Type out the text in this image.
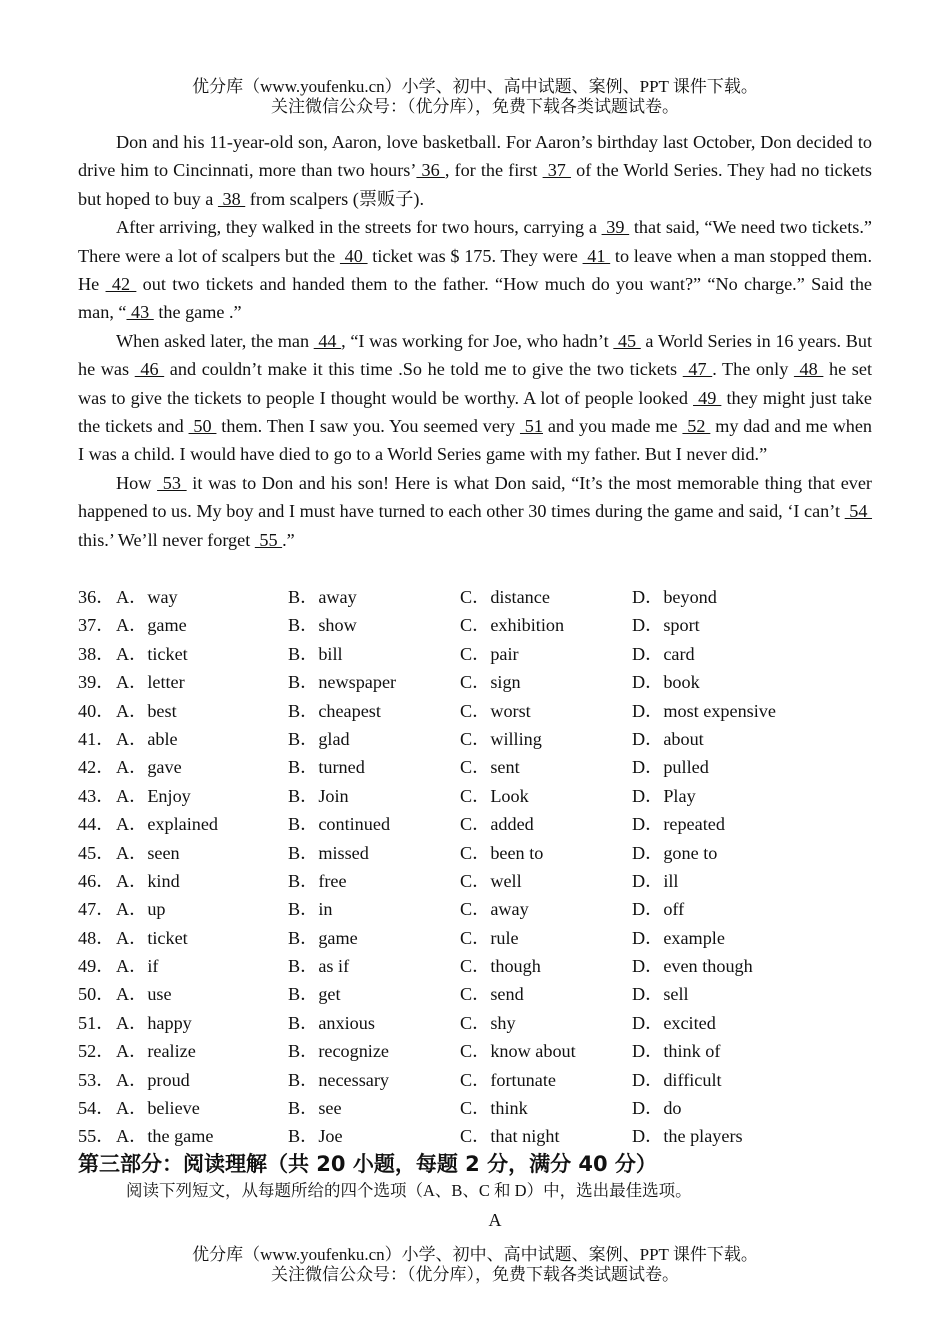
优分库（www.youfenku.cn）小学、初中、高中试题、案例、PPT 课件下载。
关注微信公众号：（优分库），免费下载各类试题试卷。

Don and his 11-year-old son, Aaron, love basketball. For Aaron’s birthday last October, Don decided to drive him to Cincinnati, more than two hours’ 36 , for the first  37  of the World Series. They had no tickets but hoped to buy a  38  from scalpers (票贩子).

After arriving, they walked in the streets for two hours, carrying a  39  that said, “We need two tickets.” There were a lot of scalpers but the  40  ticket was $ 175. They were  41  to leave when a man stopped them. He  42  out two tickets and handed them to the father. “How much do you want?” “No charge.” Said the man, “ 43  the game .”

When asked later, the man  44 , “I was working for Joe, who hadn’t  45  a World Series in 16 years. But he was  46  and couldn’t make it this time .So he told me to give the two tickets  47 . The only  48  he set was to give the tickets to people I thought would be worthy. A lot of people looked  49  they might just take the tickets and  50  them. Then I saw you. You seemed very  51 and you made me  52  my dad and me when I was a child. I would have died to go to a World Series game with my father. But I never did.”

How  53  it was to Don and his son! Here is what Don said, “It’s the most memorable thing that ever happened to us. My boy and I must have turned to each other 30 times during the game and said, ‘I can’t  54  this.’ We’ll never forget  55 .”

36． A．way	B．away	C．distance	D．beyond
37． A．game	B．show	C．exhibition	D．sport
38． A．ticket	B．bill	C．pair	D．card
39． A．letter	B．newspaper	C．sign	D．book
40． A．best	B．cheapest	C．worst	D．most expensive
41． A．able	B．glad	C．willing	D．about
42． A．gave	B．turned	C．sent	D．pulled
43． A．Enjoy	B．Join	C．Look	D．Play
44． A．explained	B．continued	C．added	D．repeated
45． A．seen	B．missed	C．been to	D．gone to
46． A．kind	B．free	C．well	D．ill
47． A．up	B．in	C．away	D．off
48． A．ticket	B．game	C．rule	D．example
49． A．if	B．as if	C．though	D．even though
50． A．use	B．get	C．send	D．sell
51． A．happy	B．anxious	C．shy	D．excited
52． A．realize	B．recognize	C．know about	D．think of
53． A．proud	B．necessary	C．fortunate	D．difficult
54． A．believe	B．see	C．think	D．do
55． A．the game	B．Joe	C．that night	D．the players
第三部分：阅读理解（共 20 小题，每题 2 分，满分 40 分）
阅读下列短文，从每题所给的四个选项（A、B、C 和 D）中，选出最佳选项。
A
优分库（www.youfenku.cn）小学、初中、高中试题、案例、PPT 课件下载。
关注微信公众号：（优分库），免费下载各类试题试卷。
